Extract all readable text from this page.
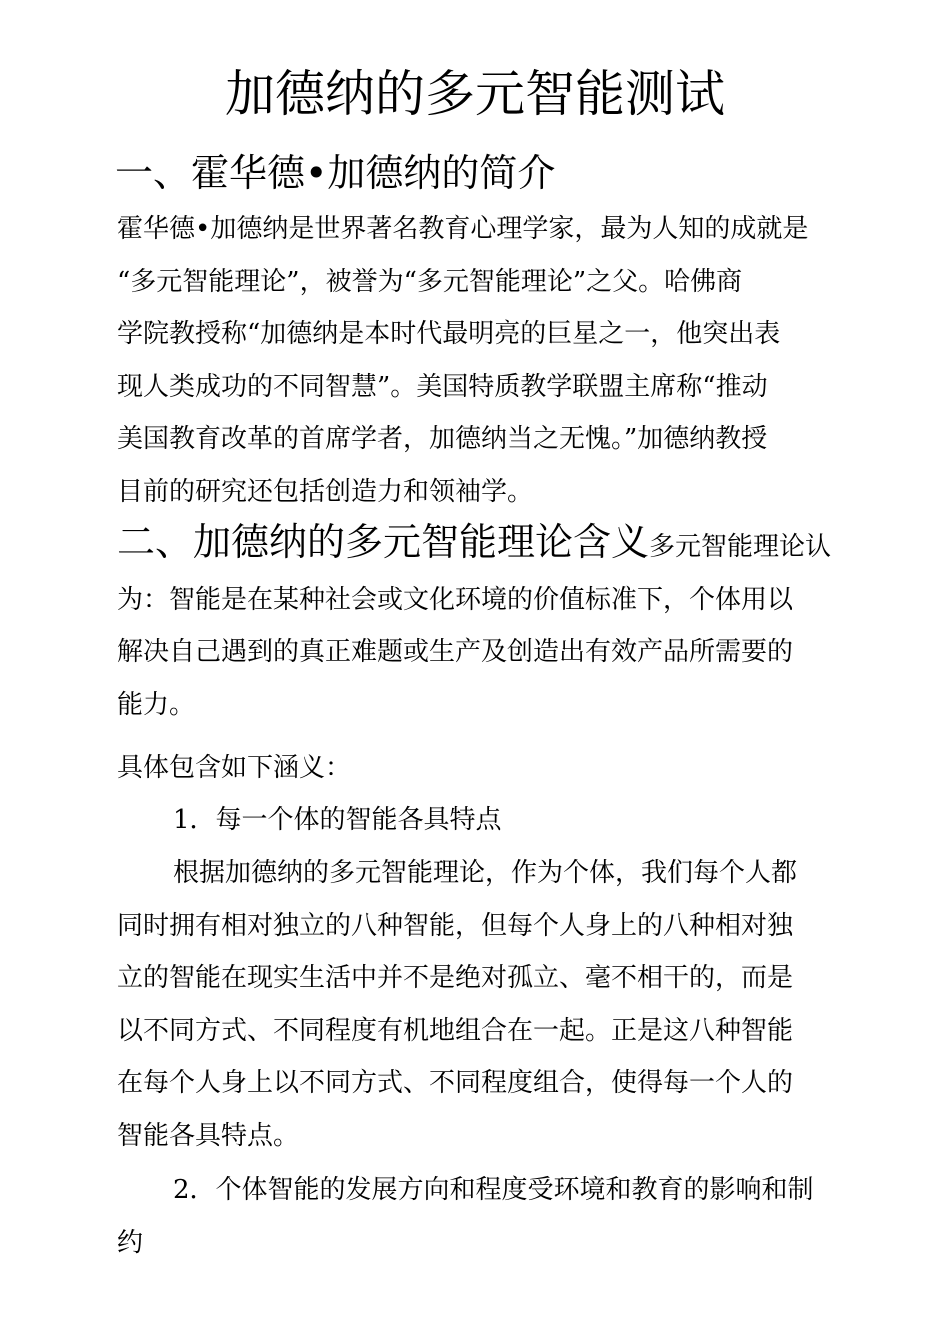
加德纳的多元智能测试
一、霍华德•加德纳的简介

霍华德•加德纳是世界著名教育心理学家，最为人知的成就是
“多元智能理论”，被誉为“多元智能理论”之父。哈佛商
学院教授称“加德纳是本时代最明亮的巨星之一，他突出表
现人类成功的不同智慧”。美国特质教学联盟主席称“推动
美国教育改革的首席学者，加德纳当之无愧。”加德纳教授
目前的研究还包括创造力和领袖学。

二、加德纳的多元智能理论含义多元智能理论认
为：智能是在某种社会或文化环境的价值标准下，个体用以
解决自己遇到的真正难题或生产及创造出有效产品所需要的
能力。

具体包含如下涵义：

1．每一个体的智能各具特点

根据加德纳的多元智能理论，作为个体，我们每个人都
同时拥有相对独立的八种智能，但每个人身上的八种相对独
立的智能在现实生活中并不是绝对孤立、毫不相干的，而是
以不同方式、不同程度有机地组合在一起。正是这八种智能
在每个人身上以不同方式、不同程度组合，使得每一个人的
智能各具特点。

2．个体智能的发展方向和程度受环境和教育的影响和制
约
